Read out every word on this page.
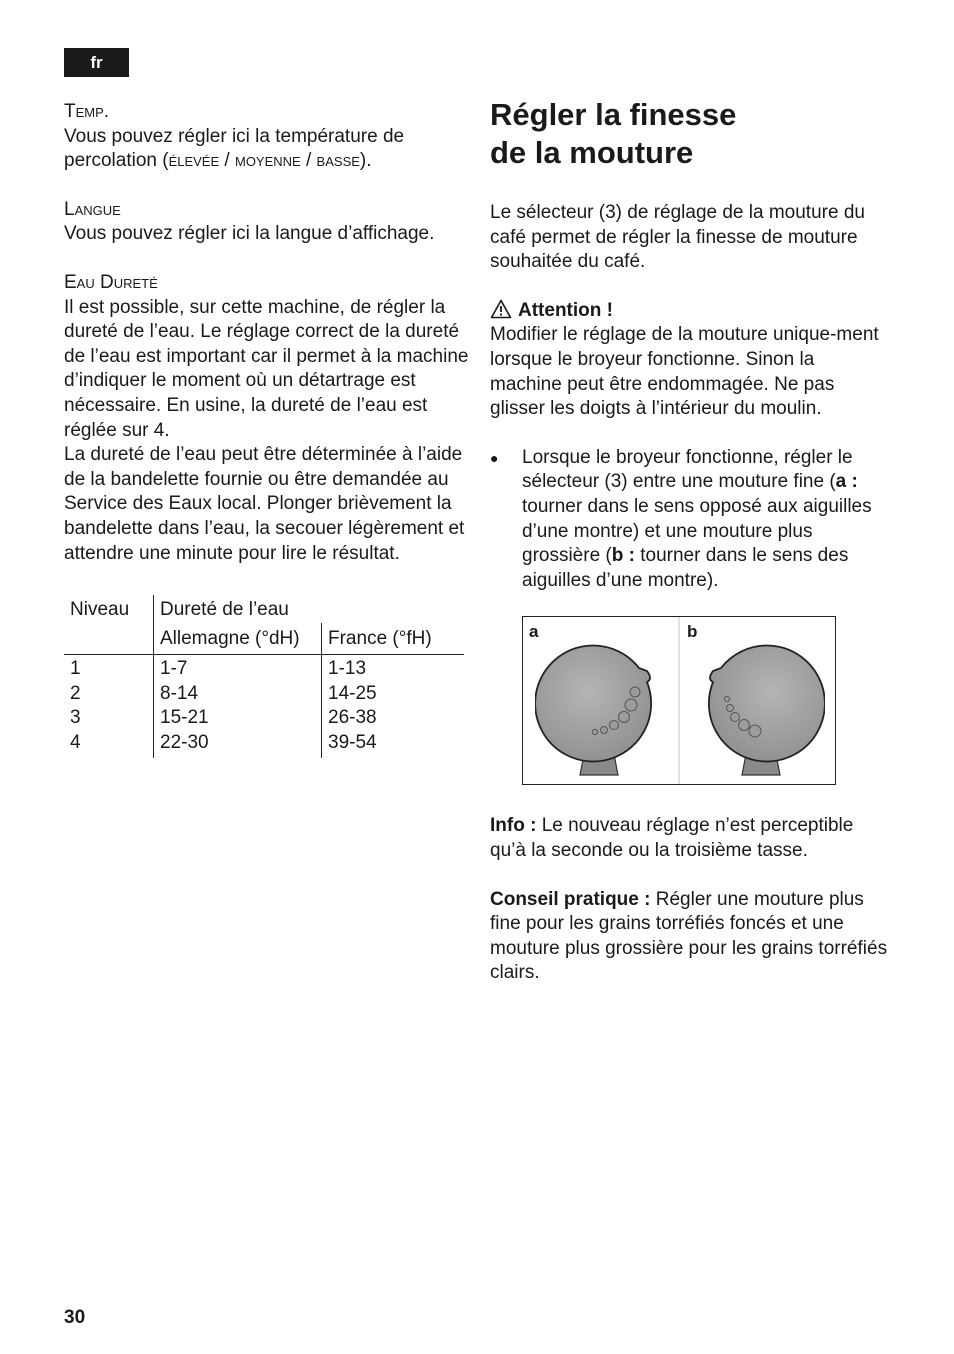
fr

Temp.

Vous pouvez régler ici la température de percolation (élevée / moyenne / basse).

Langue

Vous pouvez régler ici la langue d’affichage.

Eau Dureté

Il est possible, sur cette machine, de régler la dureté de l’eau. Le réglage correct de la dureté de l’eau est important car il permet à la machine d’indiquer le moment où un détartrage est nécessaire. En usine, la dureté de l’eau est réglée sur 4.

La dureté de l’eau peut être déterminée à l’aide de la bandelette fournie ou être demandée au Service des Eaux local. Plonger brièvement la bandelette dans l’eau, la secouer légèrement et attendre une minute pour lire le résultat.

Niveau	Dureté de l’eau	
	Allemagne (°dH)	France (°fH)
1	1-7	1-13
2	8-14	14-25
3	15-21	26-38
4	22-30	39-54
Régler la finesse
de la mouture

Le sélecteur (3) de réglage de la mouture du café permet de régler la finesse de mouture souhaitée du café.

Attention !

Modifier le réglage de la mouture unique-ment lorsque le broyeur fonctionne. Sinon la machine peut être endommagée. Ne pas glisser les doigts à l’intérieur du moulin.

●	Lorsque le broyeur fonctionne, régler le sélecteur (3) entre une mouture fine (a : tourner dans le sens opposé aux aiguilles d’une montre) et une mouture plus grossière (b : tourner dans le sens des aiguilles d’une montre).

a	b

Info : Le nouveau réglage n’est perceptible qu’à la seconde ou la troisième tasse.

Conseil pratique : Régler une mouture plus fine pour les grains torréfiés foncés et une mouture plus grossière pour les grains torréfiés clairs.

30
